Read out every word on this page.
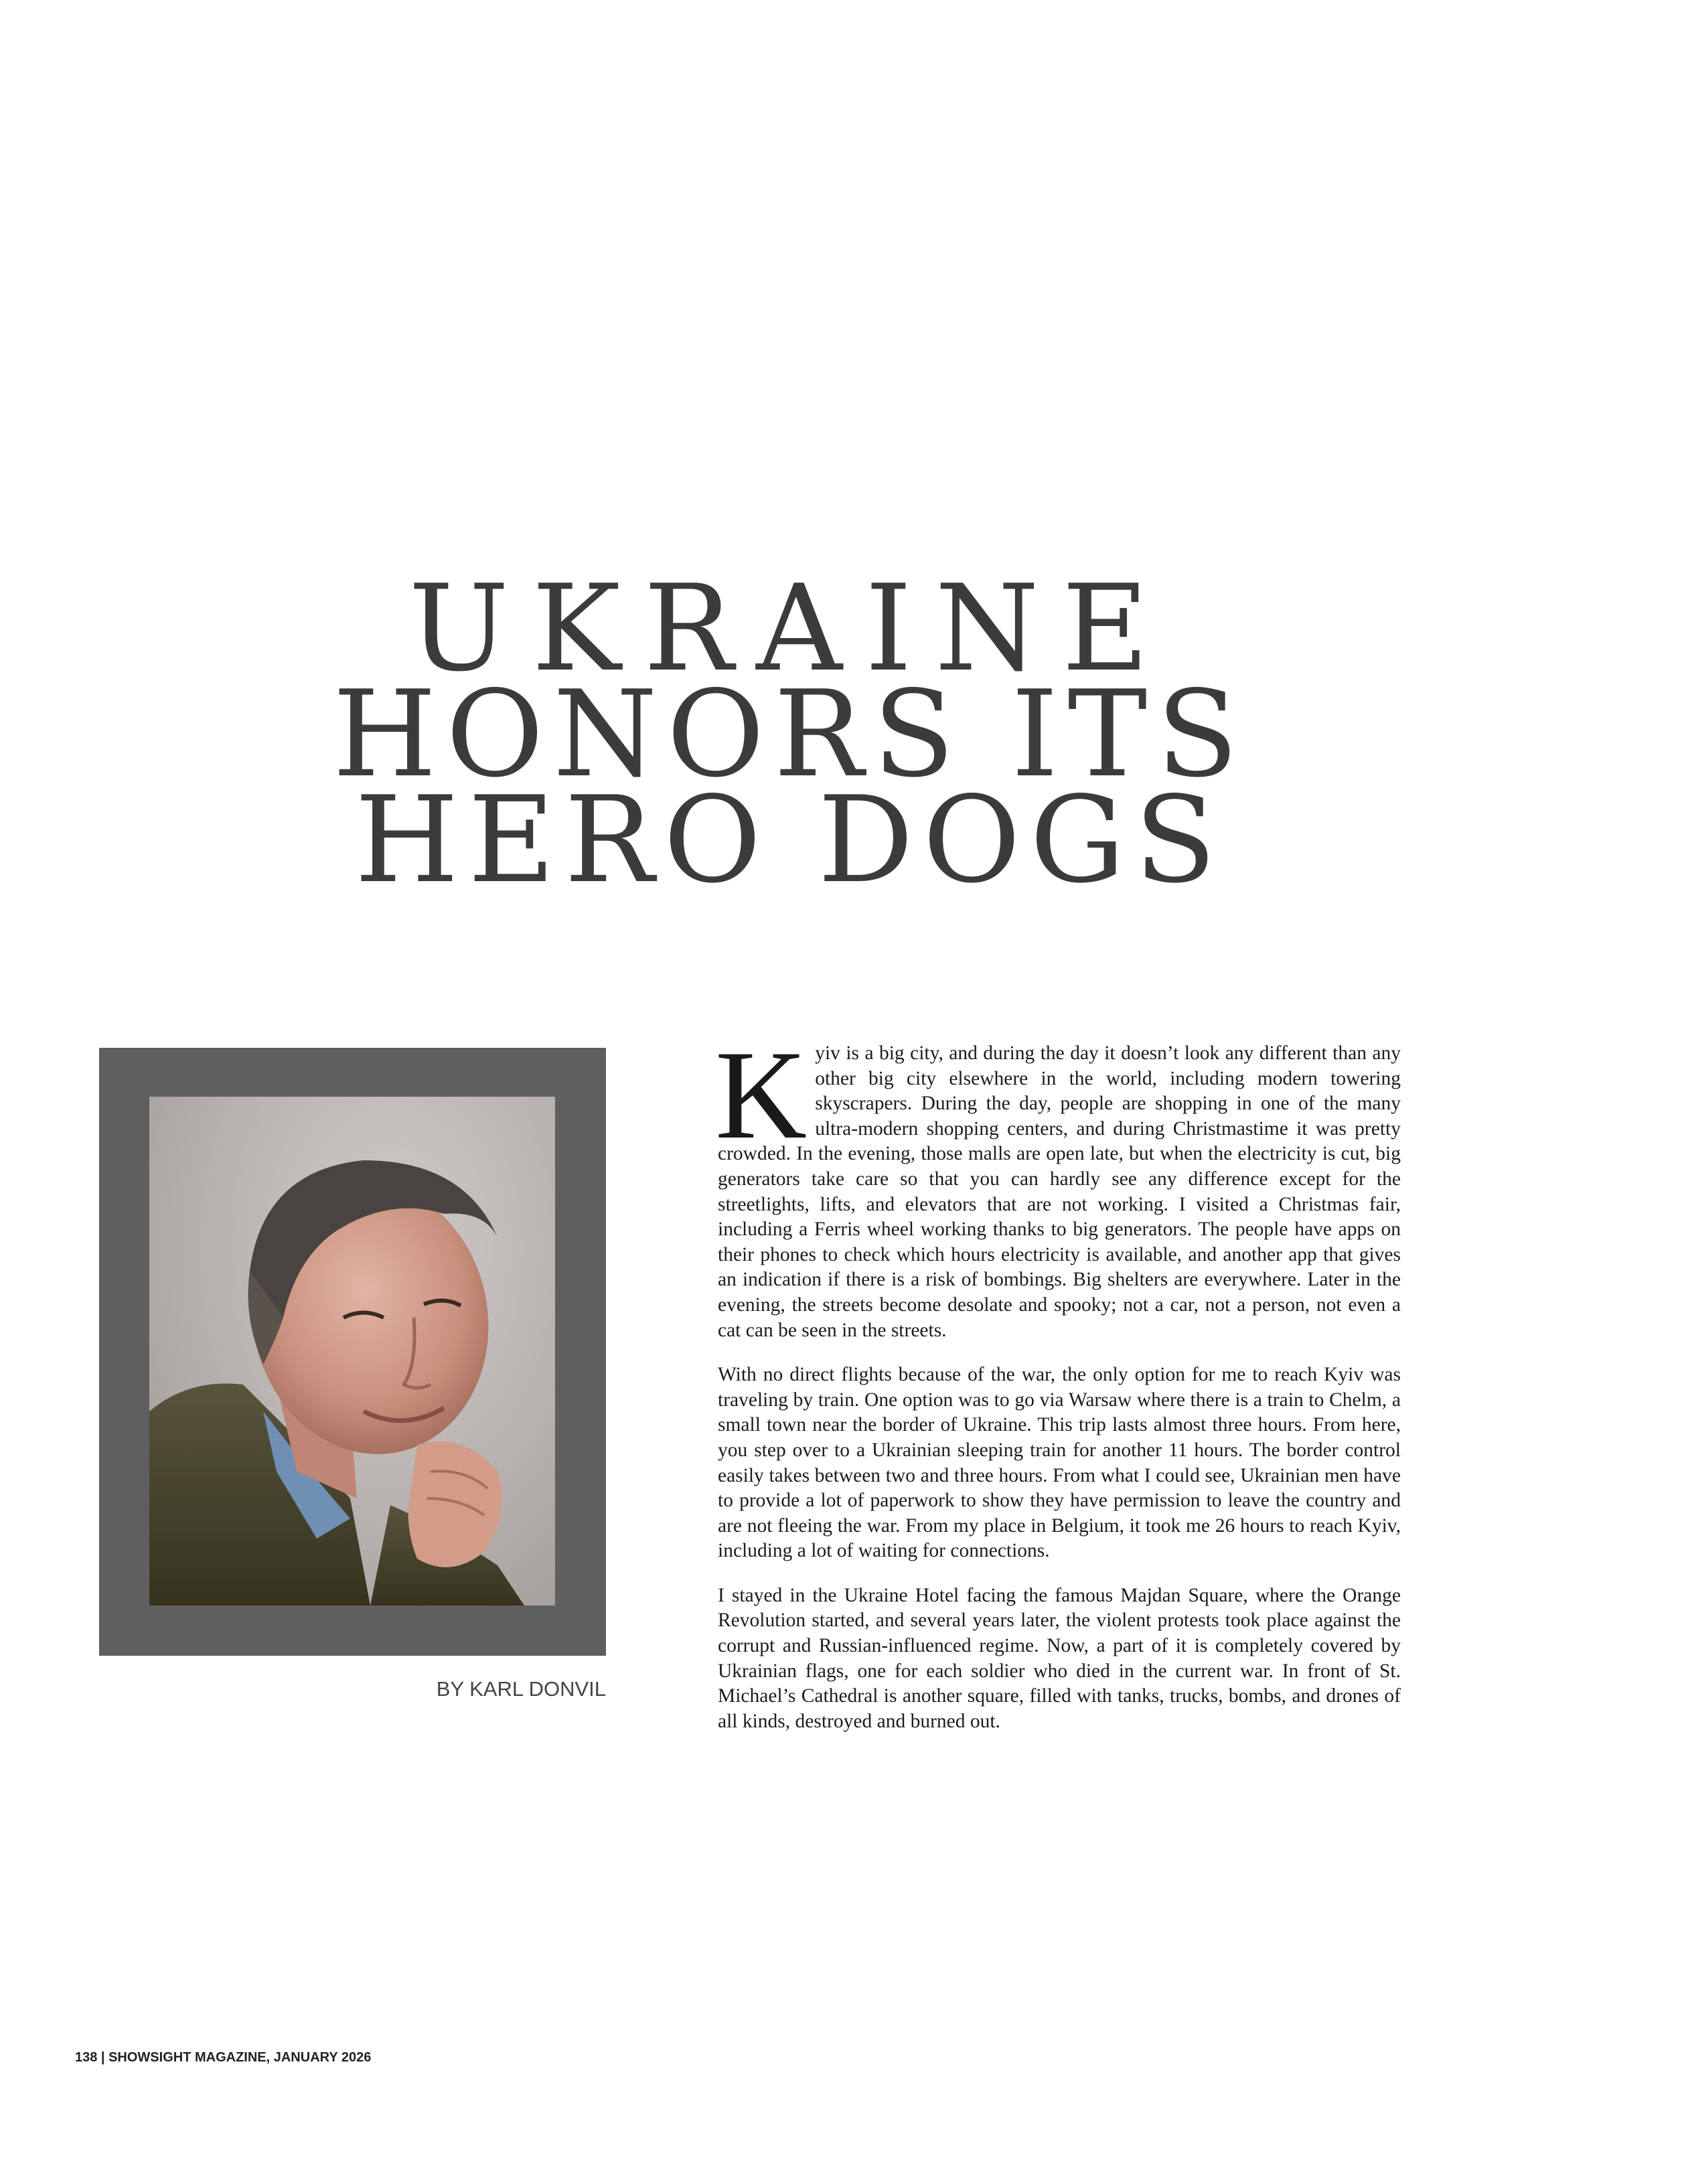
UKRAINE
HONORS ITS
HERO DOGS
BY KARL DONVIL

Kyiv is a big city, and during the day it doesn’t look any different than any other big city elsewhere in the world, including modern towering skyscrapers. During the day, people are shopping in one of the many ultra-modern shopping centers, and during Christmastime it was pretty crowded. In the evening, those malls are open late, but when the electricity is cut, big generators take care so that you can hardly see any difference except for the streetlights, lifts, and elevators that are not working. I visited a Christmas fair, including a Ferris wheel working thanks to big generators. The people have apps on their phones to check which hours electricity is available, and another app that gives an indication if there is a risk of bombings. Big shelters are everywhere. Later in the evening, the streets become desolate and spooky; not a car, not a person, not even a cat can be seen in the streets.

With no direct flights because of the war, the only option for me to reach Kyiv was traveling by train. One option was to go via Warsaw where there is a train to Chelm, a small town near the border of Ukraine. This trip lasts almost three hours. From here, you step over to a Ukrainian sleeping train for another 11 hours. The border control easily takes between two and three hours. From what I could see, Ukrainian men have to provide a lot of paperwork to show they have permission to leave the country and are not fleeing the war. From my place in Belgium, it took me 26 hours to reach Kyiv, including a lot of waiting for connections.

I stayed in the Ukraine Hotel facing the famous Majdan Square, where the Orange Revolution started, and several years later, the violent protests took place against the corrupt and Russian-influenced regime. Now, a part of it is completely covered by Ukrainian flags, one for each soldier who died in the current war. In front of St. Michael’s Cathedral is another square, filled with tanks, trucks, bombs, and drones of all kinds, destroyed and burned out.

138 | SHOWSIGHT MAGAZINE, JANUARY 2026
